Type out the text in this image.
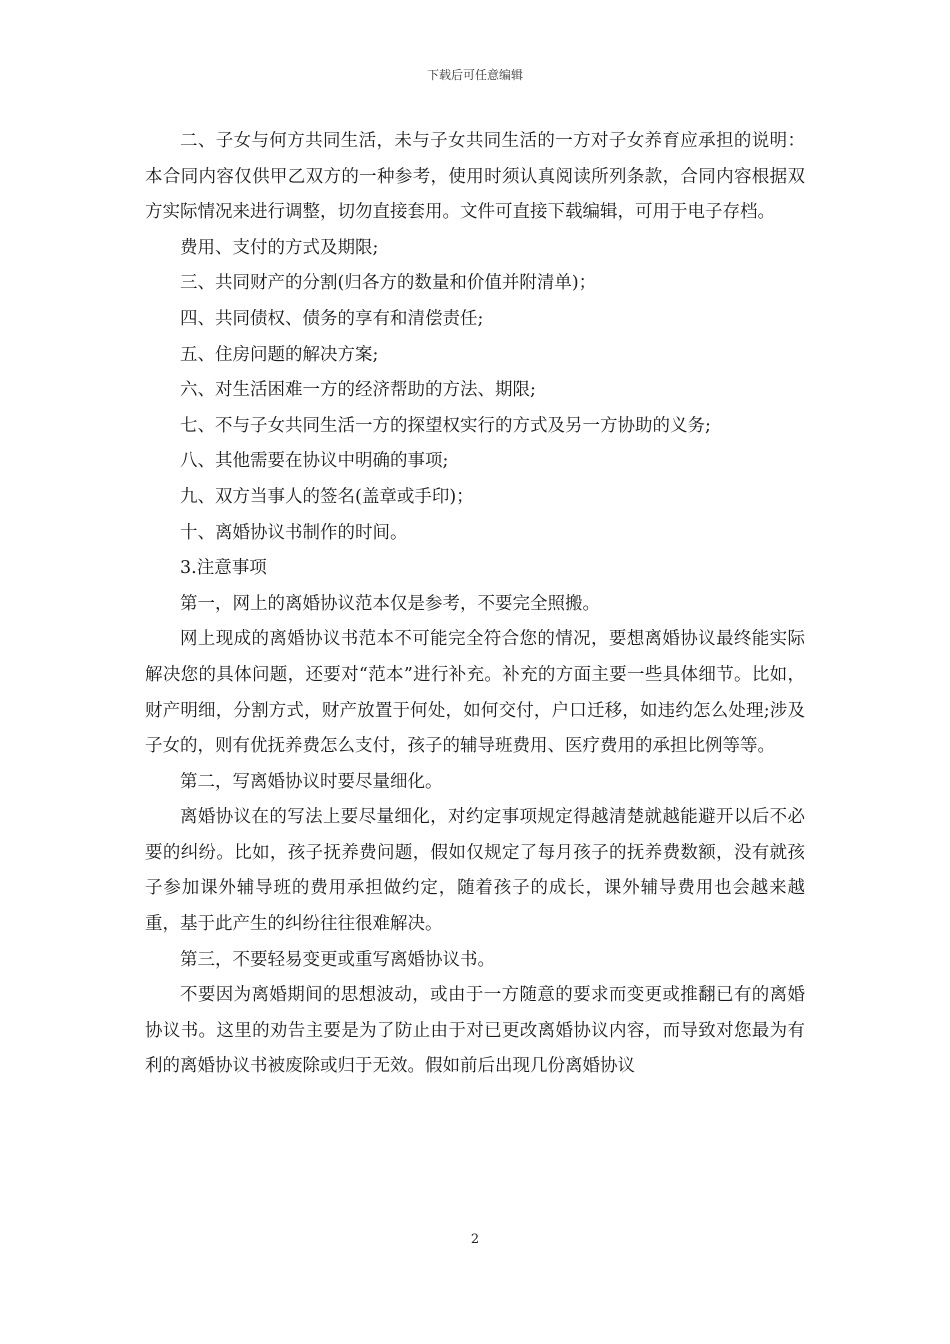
下载后可任意编辑

二、子女与何方共同生活，未与子女共同生活的一方对子女养育应承担的说明：本合同内容仅供甲乙双方的一种参考，使用时须认真阅读所列条款，合同内容根据双方实际情况来进行调整，切勿直接套用。文件可直接下载编辑，可用于电子存档。

费用、支付的方式及期限;

三、共同财产的分割(归各方的数量和价值并附清单)；

四、共同债权、债务的享有和清偿责任;

五、住房问题的解决方案;

六、对生活困难一方的经济帮助的方法、期限;

七、不与子女共同生活一方的探望权实行的方式及另一方协助的义务;

八、其他需要在协议中明确的事项;

九、双方当事人的签名(盖章或手印)；

十、离婚协议书制作的时间。

3.注意事项

第一，网上的离婚协议范本仅是参考，不要完全照搬。

网上现成的离婚协议书范本不可能完全符合您的情况，要想离婚协议最终能实际解决您的具体问题，还要对“范本”进行补充。补充的方面主要一些具体细节。比如，财产明细，分割方式，财产放置于何处，如何交付，户口迁移，如违约怎么处理;涉及子女的，则有优抚养费怎么支付，孩子的辅导班费用、医疗费用的承担比例等等。

第二，写离婚协议时要尽量细化。

离婚协议在的写法上要尽量细化，对约定事项规定得越清楚就越能避开以后不必要的纠纷。比如，孩子抚养费问题，假如仅规定了每月孩子的抚养费数额，没有就孩子参加课外辅导班的费用承担做约定，随着孩子的成长，课外辅导费用也会越来越重，基于此产生的纠纷往往很难解决。

第三，不要轻易变更或重写离婚协议书。

不要因为离婚期间的思想波动，或由于一方随意的要求而变更或推翻已有的离婚协议书。这里的劝告主要是为了防止由于对已更改离婚协议内容，而导致对您最为有利的离婚协议书被废除或归于无效。假如前后出现几份离婚协议

2
